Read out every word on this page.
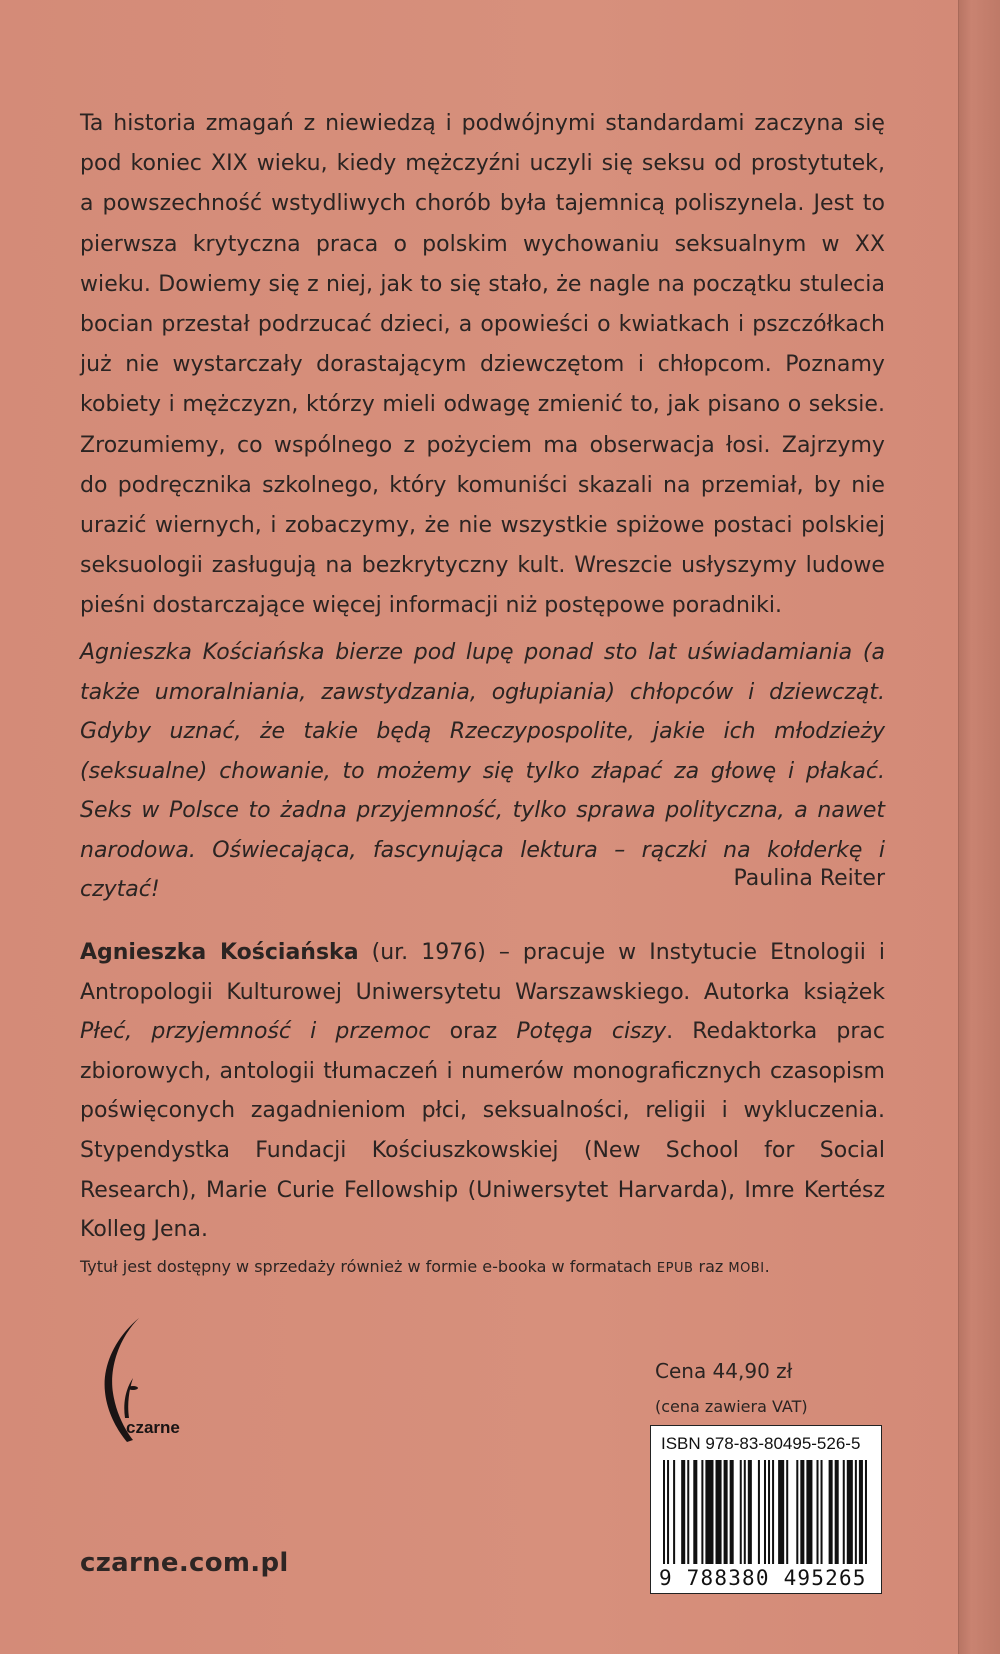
Ta historia zmagań z niewiedzą i podwójnymi standardami zaczyna się pod koniec XIX wieku, kiedy mężczyźni uczyli się seksu od prostytutek, a powszechność wstydliwych chorób była tajemnicą poliszynela. Jest to pierwsza krytyczna praca o polskim wychowaniu seksualnym w XX wieku. Dowiemy się z niej, jak to się stało, że nagle na początku stulecia bocian przestał podrzucać dzieci, a opowieści o kwiatkach i pszczółkach już nie wystarczały dorastającym dziewczętom i chłopcom. Poznamy kobiety i mężczyzn, którzy mieli odwagę zmienić to, jak pisano o seksie. Zrozumiemy, co wspólnego z pożyciem ma obserwacja łosi. Zajrzymy do podręcznika szkolnego, który komuniści skazali na przemiał, by nie urazić wiernych, i zobaczymy, że nie wszystkie spiżowe postaci polskiej seksuologii zasługują na bezkrytyczny kult. Wreszcie usłyszymy ludowe pieśni dostarczające więcej informacji niż postępowe poradniki.

Agnieszka Kościańska bierze pod lupę ponad sto lat uświadamiania (a także umoralniania, zawstydzania, ogłupiania) chłopców i dziewcząt. Gdyby uznać, że takie będą Rzeczypospolite, jakie ich młodzieży (seksualne) chowanie, to możemy się tylko złapać za głowę i płakać. Seks w Polsce to żadna przyjemność, tylko sprawa polityczna, a nawet narodowa. Oświecająca, fascynująca lektura – rączki na kołderkę i czytać!	Paulina Reiter

Agnieszka Kościańska (ur. 1976) – pracuje w Instytucie Etnologii i Antropologii Kulturowej Uniwersytetu Warszawskiego. Autorka książek Płeć, przyjemność i przemoc oraz Potęga ciszy. Redaktorka prac zbiorowych, antologii tłumaczeń i numerów monograficznych czasopism poświęconych zagadnieniom płci, seksualności, religii i wykluczenia. Stypendystka Fundacji Kościuszkowskiej (New School for Social Research), Marie Curie Fellowship (Uniwersytet Harvarda), Imre Kertész Kolleg Jena.

Tytuł jest dostępny w sprzedaży również w formie e-booka w formatach EPUB raz MOBI.
czarne
czarne.com.pl
Cena 44,90 zł
(cena zawiera VAT)
ISBN 978-83-80495-526-5
9 788380 495265
